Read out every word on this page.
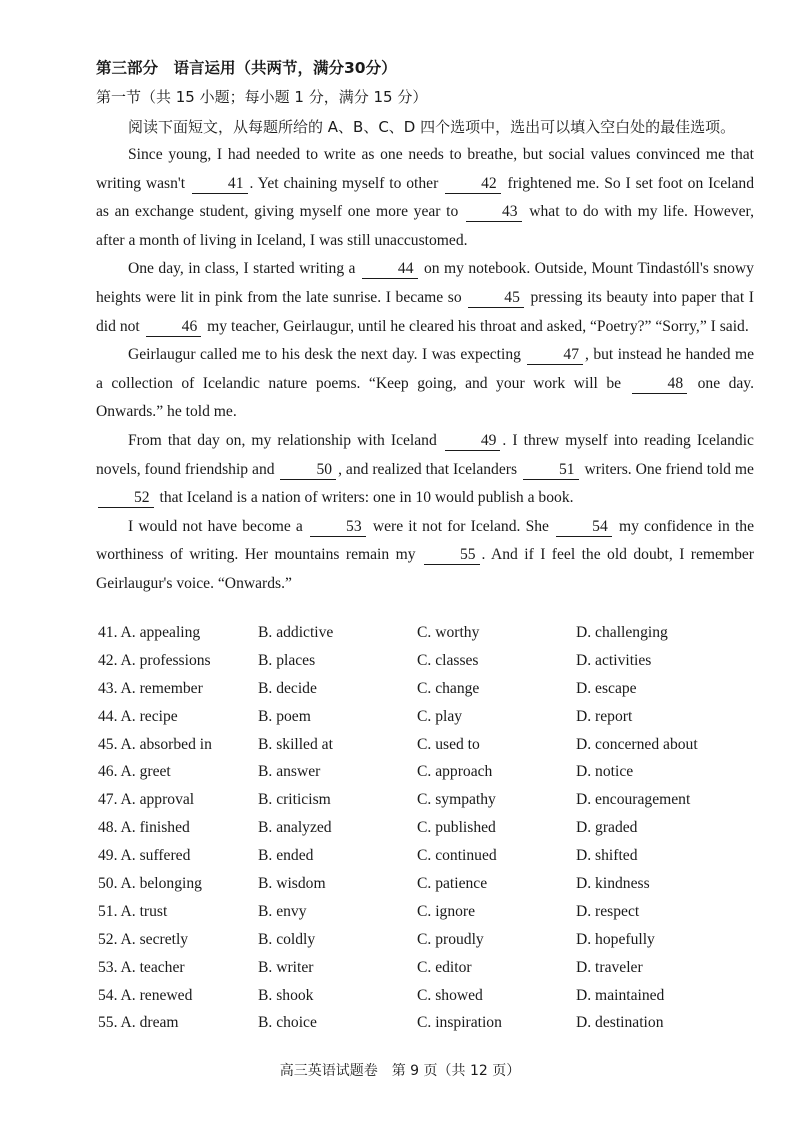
第三部分　语言运用（共两节，满分30分）
第一节（共 15 小题；每小题 1 分，满分 15 分）
阅读下面短文，从每题所给的 A、B、C、D 四个选项中，选出可以填入空白处的最佳选项。

Since young, I had needed to write as one needs to breathe, but social values convinced me that writing wasn't	41 . Yet chaining myself to other	42 frightened me. So I set foot on Iceland as an exchange student, giving myself one more year to	43 what to do with my life. However, after a month of living in Iceland, I was still unaccustomed.

One day, in class, I started writing a	44 on my notebook. Outside, Mount Tindastóll's snowy heights were lit in pink from the late sunrise. I became so	45 pressing its beauty into paper that I did not	46 my teacher, Geirlaugur, until he cleared his throat and asked, “Poetry?” “Sorry,” I said.

Geirlaugur called me to his desk the next day. I was expecting	47 , but instead he handed me a collection of Icelandic nature poems. “Keep going, and your work will be	48 one day. Onwards.” he told me.

From that day on, my relationship with Iceland	49 . I threw myself into reading Icelandic novels, found friendship and	50 , and realized that Icelanders	51 writers. One friend told me 52 that Iceland is a nation of writers: one in 10 would publish a book.

I would not have become a	53 were it not for Iceland. She	54 my confidence in the worthiness of writing. Her mountains remain my	55 . And if I feel the old doubt, I remember Geirlaugur's voice. “Onwards.”

41. A. appealing	B. addictive	C. worthy	D. challenging
42. A. professions	B. places	C. classes	D. activities
43. A. remember	B. decide	C. change	D. escape
44. A. recipe	B. poem	C. play	D. report
45. A. absorbed in	B. skilled at	C. used to	D. concerned about
46. A. greet	B. answer	C. approach	D. notice
47. A. approval	B. criticism	C. sympathy	D. encouragement
48. A. finished	B. analyzed	C. published	D. graded
49. A. suffered	B. ended	C. continued	D. shifted
50. A. belonging	B. wisdom	C. patience	D. kindness
51. A. trust	B. envy	C. ignore	D. respect
52. A. secretly	B. coldly	C. proudly	D. hopefully
53. A. teacher	B. writer	C. editor	D. traveler
54. A. renewed	B. shook	C. showed	D. maintained
55. A. dream	B. choice	C. inspiration	D. destination
高三英语试题卷　第 9 页（共 12 页）
